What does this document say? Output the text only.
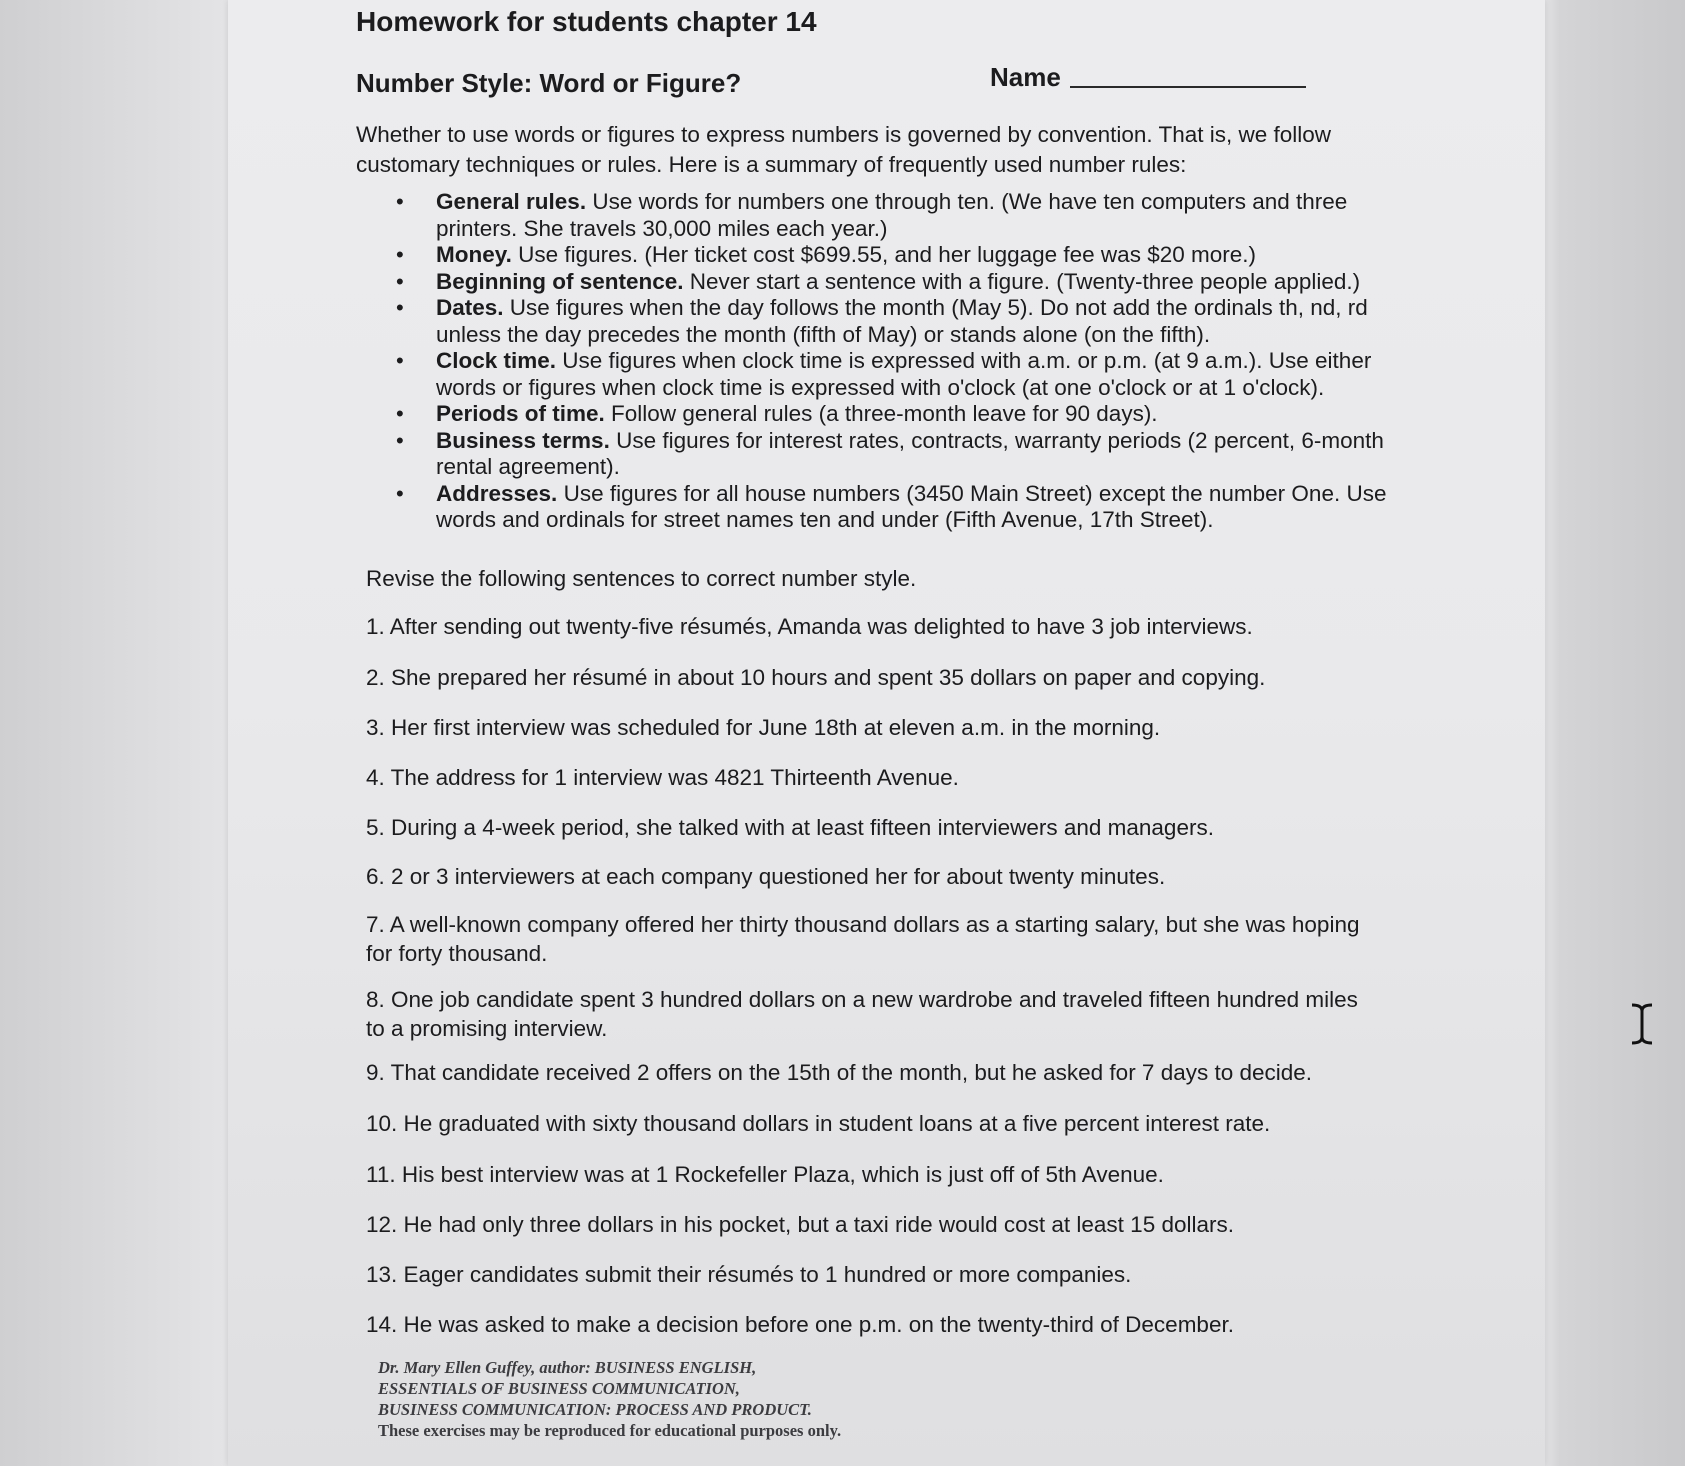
Homework for students chapter 14
Number Style: Word or Figure?	Name
Whether to use words or figures to express numbers is governed by convention. That is, we follow customary techniques or rules. Here is a summary of frequently used number rules:
• General rules. Use words for numbers one through ten. (We have ten computers and three printers. She travels 30,000 miles each year.)
• Money. Use figures. (Her ticket cost $699.55, and her luggage fee was $20 more.)
• Beginning of sentence. Never start a sentence with a figure. (Twenty-three people applied.)
• Dates. Use figures when the day follows the month (May 5). Do not add the ordinals th, nd, rd unless the day precedes the month (fifth of May) or stands alone (on the fifth).
• Clock time. Use figures when clock time is expressed with a.m. or p.m. (at 9 a.m.). Use either words or figures when clock time is expressed with o'clock (at one o'clock or at 1 o'clock).
• Periods of time. Follow general rules (a three-month leave for 90 days).
• Business terms. Use figures for interest rates, contracts, warranty periods (2 percent, 6-month rental agreement).
• Addresses. Use figures for all house numbers (3450 Main Street) except the number One. Use words and ordinals for street names ten and under (Fifth Avenue, 17th Street).
Revise the following sentences to correct number style.
1. After sending out twenty-five résumés, Amanda was delighted to have 3 job interviews.
2. She prepared her résumé in about 10 hours and spent 35 dollars on paper and copying.
3. Her first interview was scheduled for June 18th at eleven a.m. in the morning.
4. The address for 1 interview was 4821 Thirteenth Avenue.
5. During a 4-week period, she talked with at least fifteen interviewers and managers.
6. 2 or 3 interviewers at each company questioned her for about twenty minutes.
7. A well-known company offered her thirty thousand dollars as a starting salary, but she was hoping for forty thousand.
8. One job candidate spent 3 hundred dollars on a new wardrobe and traveled fifteen hundred miles to a promising interview.
9. That candidate received 2 offers on the 15th of the month, but he asked for 7 days to decide.
10. He graduated with sixty thousand dollars in student loans at a five percent interest rate.
11. His best interview was at 1 Rockefeller Plaza, which is just off of 5th Avenue.
12. He had only three dollars in his pocket, but a taxi ride would cost at least 15 dollars.
13. Eager candidates submit their résumés to 1 hundred or more companies.
14. He was asked to make a decision before one p.m. on the twenty-third of December.
Dr. Mary Ellen Guffey, author: BUSINESS ENGLISH,
ESSENTIALS OF BUSINESS COMMUNICATION,
BUSINESS COMMUNICATION: PROCESS AND PRODUCT.
These exercises may be reproduced for educational purposes only.
